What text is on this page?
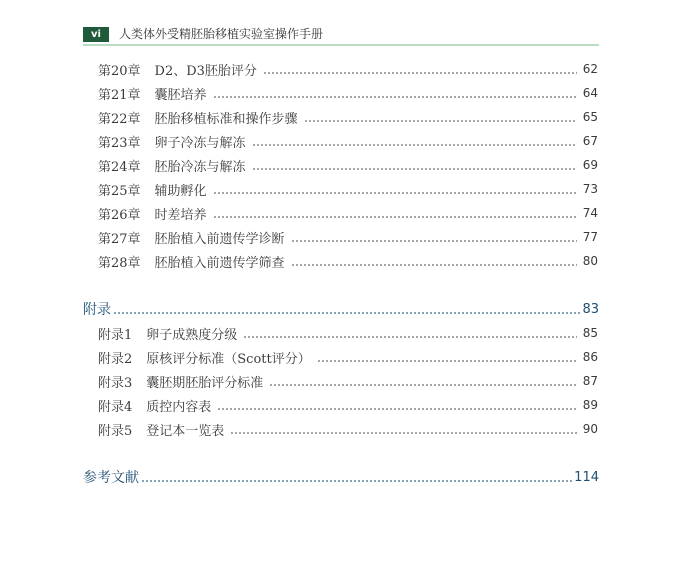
vi	人类体外受精胚胎移植实验室操作手册
第20章 D2、D3胚胎评分	62
第21章 囊胚培养	64
第22章 胚胎移植标准和操作步骤	65
第23章 卵子冷冻与解冻	67
第24章 胚胎冷冻与解冻	69
第25章 辅助孵化	73
第26章 时差培养	74
第27章 胚胎植入前遗传学诊断	77
第28章 胚胎植入前遗传学筛查	80
附录	83
附录1 卵子成熟度分级	85
附录2 原核评分标准（Scott评分）	86
附录3 囊胚期胚胎评分标准	87
附录4 质控内容表	89
附录5 登记本一览表	90
参考文献	114
